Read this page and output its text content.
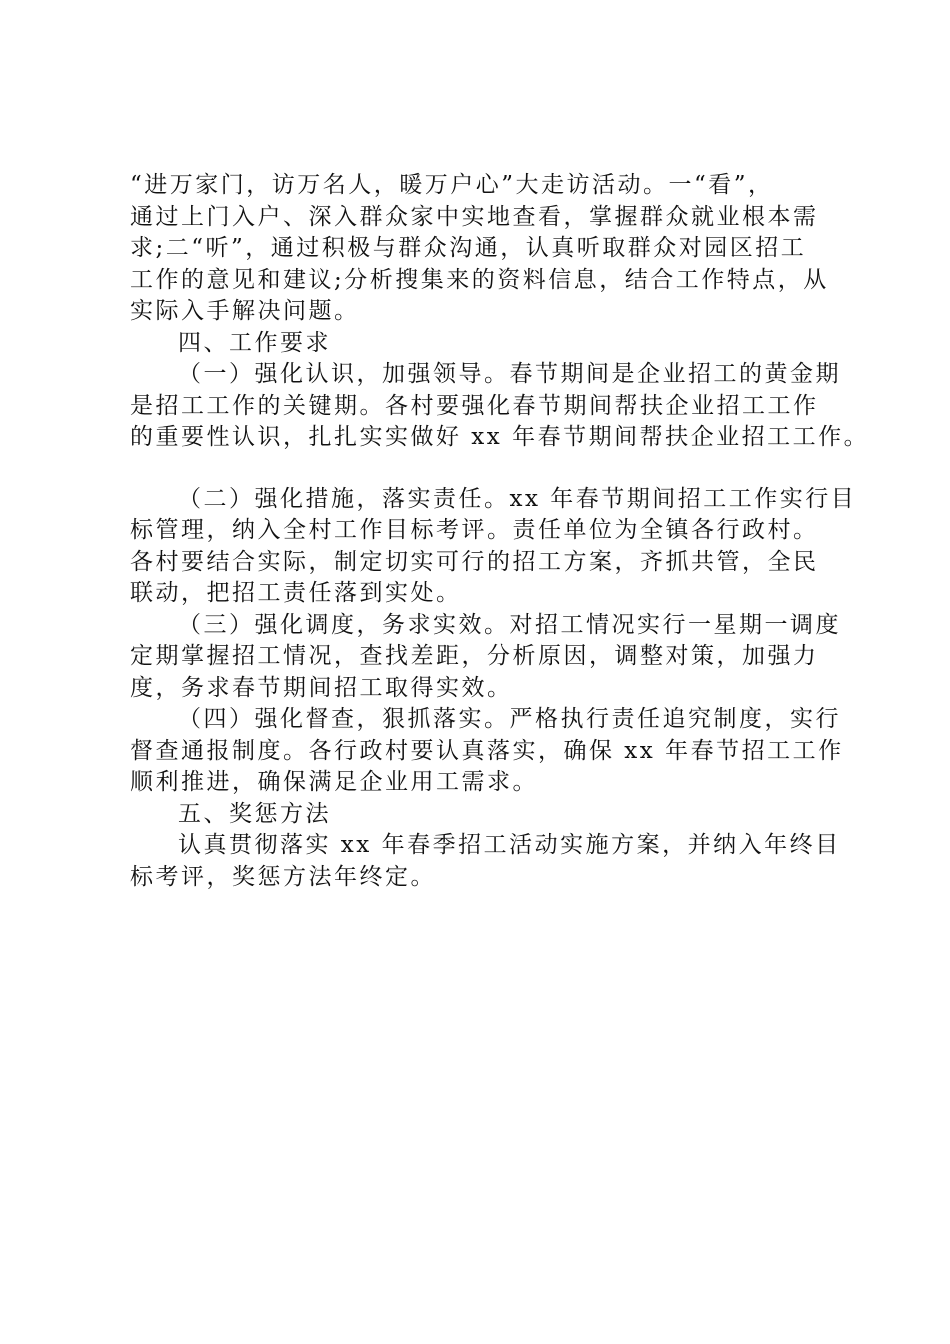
“进万家门，访万名人，暖万户心”大走访活动。一“看”，
通过上门入户、深入群众家中实地查看，掌握群众就业根本需
求;二“听”，通过积极与群众沟通，认真听取群众对园区招工
工作的意见和建议;分析搜集来的资料信息，结合工作特点，从
实际入手解决问题。
四、工作要求
（一）强化认识，加强领导。春节期间是企业招工的黄金期
是招工工作的关键期。各村要强化春节期间帮扶企业招工工作
的重要性认识，扎扎实实做好 xx 年春节期间帮扶企业招工工作。
（二）强化措施，落实责任。xx 年春节期间招工工作实行目
标管理，纳入全村工作目标考评。责任单位为全镇各行政村。
各村要结合实际，制定切实可行的招工方案，齐抓共管，全民
联动，把招工责任落到实处。
（三）强化调度，务求实效。对招工情况实行一星期一调度
定期掌握招工情况，查找差距，分析原因，调整对策，加强力
度，务求春节期间招工取得实效。
（四）强化督查，狠抓落实。严格执行责任追究制度，实行
督查通报制度。各行政村要认真落实，确保 xx 年春节招工工作
顺利推进，确保满足企业用工需求。
五、奖惩方法
认真贯彻落实 xx 年春季招工活动实施方案，并纳入年终目
标考评，奖惩方法年终定。
